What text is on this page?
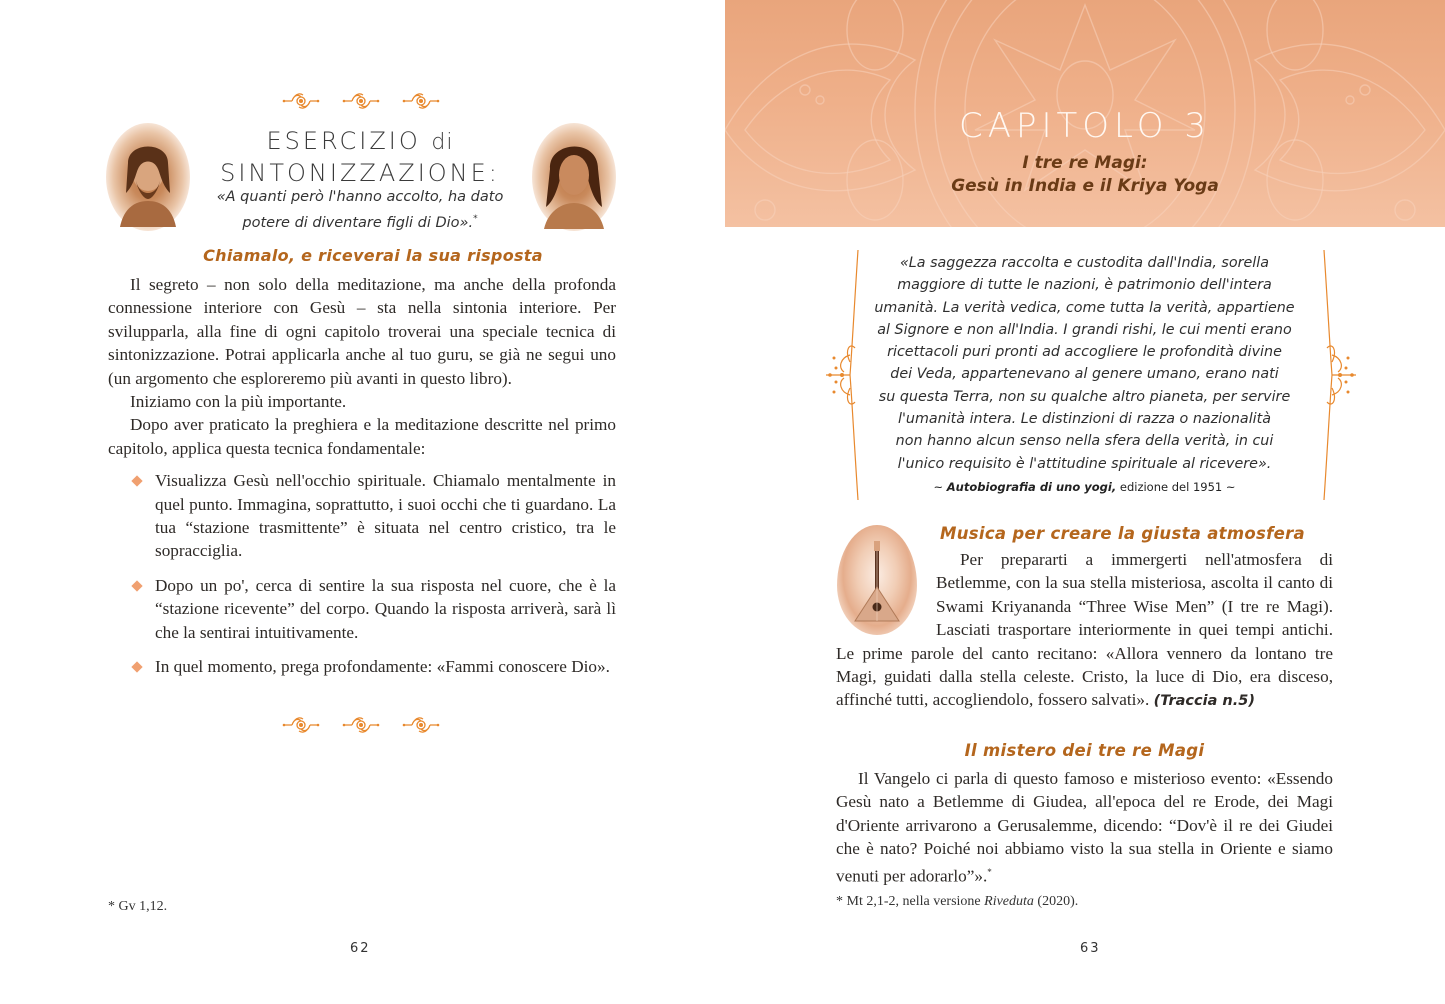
ESERCIZIO di
SINTONIZZAZIONE:
«A quanti però l'hanno accolto, ha dato
potere di diventare figli di Dio».*
Chiamalo, e riceverai la sua risposta

Il segreto – non solo della meditazione, ma anche della profonda connessione interiore con Gesù – sta nella sintonia interiore. Per svilupparla, alla fine di ogni capitolo troverai una speciale tecnica di sintonizzazione. Potrai applicarla anche al tuo guru, se già ne segui uno (un argomento che esploreremo più avanti in questo libro).

Iniziamo con la più importante.

Dopo aver praticato la preghiera e la meditazione descritte nel primo capitolo, applica questa tecnica fondamentale:

Visualizza Gesù nell'occhio spirituale. Chiamalo mentalmente in quel punto. Immagina, soprattutto, i suoi occhi che ti guardano. La tua “stazione trasmittente” è situata nel centro cristico, tra le sopracciglia.
Dopo un po', cerca di sentire la sua risposta nel cuore, che è la “stazione ricevente” del corpo. Quando la risposta arriverà, sarà lì che la sentirai intuitivamente.
In quel momento, prega profondamente: «Fammi conoscere Dio».
* Gv 1,12.
62
CAPITOLO 3
I tre re Magi:
Gesù in India e il Kriya Yoga
«La saggezza raccolta e custodita dall'India, sorella
maggiore di tutte le nazioni, è patrimonio dell'intera
umanità. La verità vedica, come tutta la verità, appartiene
al Signore e non all'India. I grandi rishi, le cui menti erano
ricettacoli puri pronti ad accogliere le profondità divine
dei Veda, appartenevano al genere umano, erano nati
su questa Terra, non su qualche altro pianeta, per servire
l'umanità intera. Le distinzioni di razza o nazionalità
non hanno alcun senso nella sfera della verità, in cui
l'unico requisito è l'attitudine spirituale al ricevere».
~ Autobiografia di uno yogi, edizione del 1951 ~
Musica per creare la giusta atmosfera

Per prepararti a immergerti nell'atmosfera di Betlemme, con la sua stella misteriosa, ascolta il canto di Swami Kriyananda “Three Wise Men” (I tre re Magi). Lasciati trasportare interiormente in quei tempi antichi. Le prime parole del canto recitano: «Allora vennero da lontano tre Magi, guidati dalla stella celeste. Cristo, la luce di Dio, era disceso, affinché tutti, accogliendolo, fossero salvati». (Traccia n.5)

Il mistero dei tre re Magi

Il Vangelo ci parla di questo famoso e misterioso evento: «Essendo Gesù nato a Betlemme di Giudea, all'epoca del re Erode, dei Magi d'Oriente arrivarono a Gerusalemme, dicendo: “Dov'è il re dei Giudei che è nato? Poiché noi abbiamo visto la sua stella in Oriente e siamo venuti per adorarlo”».*

* Mt 2,1-2, nella versione Riveduta (2020).
63
